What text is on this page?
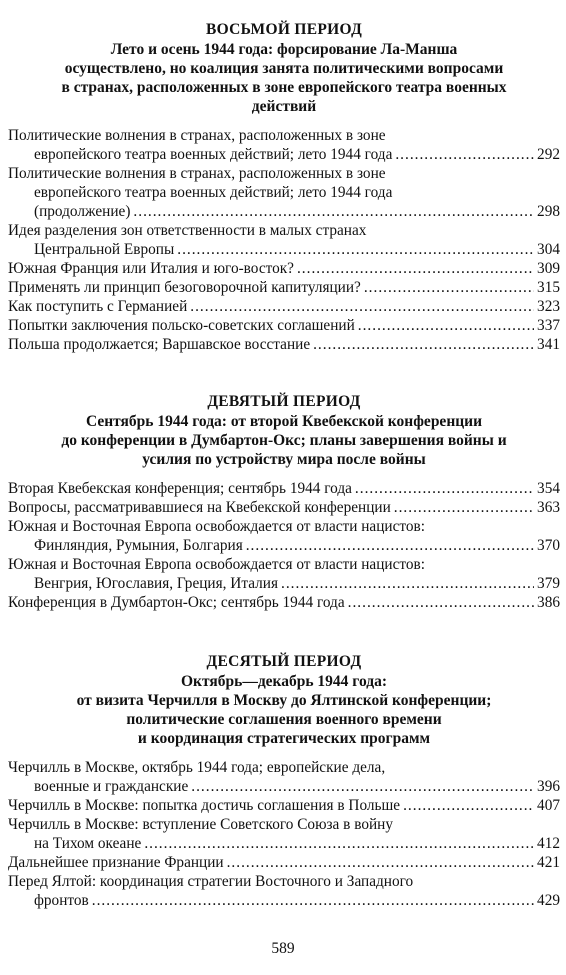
ВОСЬМОЙ ПЕРИОД
Лето и осень 1944 года: форсирование Ла-Манша
осуществлено, но коалиция занята политическими вопросами
в странах, расположенных в зоне европейского театра военных
действий
Политические волнения в странах, расположенных в зоне
европейского театра военных действий; лето 1944 года .....	292
Политические волнения в странах, расположенных в зоне
европейского театра военных действий; лето 1944 года
(продолжение) .....	298
Идея разделения зон ответственности в малых странах
Центральной Европы .....	304
Южная Франция или Италия и юго-восток? .....	309
Применять ли принцип безоговорочной капитуляции? .....	315
Как поступить с Германией .....	323
Попытки заключения польско-советских соглашений .....	337
Польша продолжается; Варшавское восстание .....	341
ДЕВЯТЫЙ ПЕРИОД
Сентябрь 1944 года: от второй Квебекской конференции
до конференции в Думбартон-Окс; планы завершения войны и
усилия по устройству мира после войны
Вторая Квебекская конференция; сентябрь 1944 года .....	354
Вопросы, рассматривавшиеся на Квебекской конференции .....	363
Южная и Восточная Европа освобождается от власти нацистов:
Финляндия, Румыния, Болгария .....	370
Южная и Восточная Европа освобождается от власти нацистов:
Венгрия, Югославия, Греция, Италия .....	379
Конференция в Думбартон-Окс; сентябрь 1944 года .....	386
ДЕСЯТЫЙ ПЕРИОД
Октябрь—декабрь 1944 года:
от визита Черчилля в Москву до Ялтинской конференции;
политические соглашения военного времени
и координация стратегических программ
Черчилль в Москве, октябрь 1944 года; европейские дела,
военные и гражданские .....	396
Черчилль в Москве: попытка достичь соглашения в Польше .....	407
Черчилль в Москве: вступление Советского Союза в войну
на Тихом океане .....	412
Дальнейшее признание Франции .....	421
Перед Ялтой: координация стратегии Восточного и Западного
фронтов .....	429
589
